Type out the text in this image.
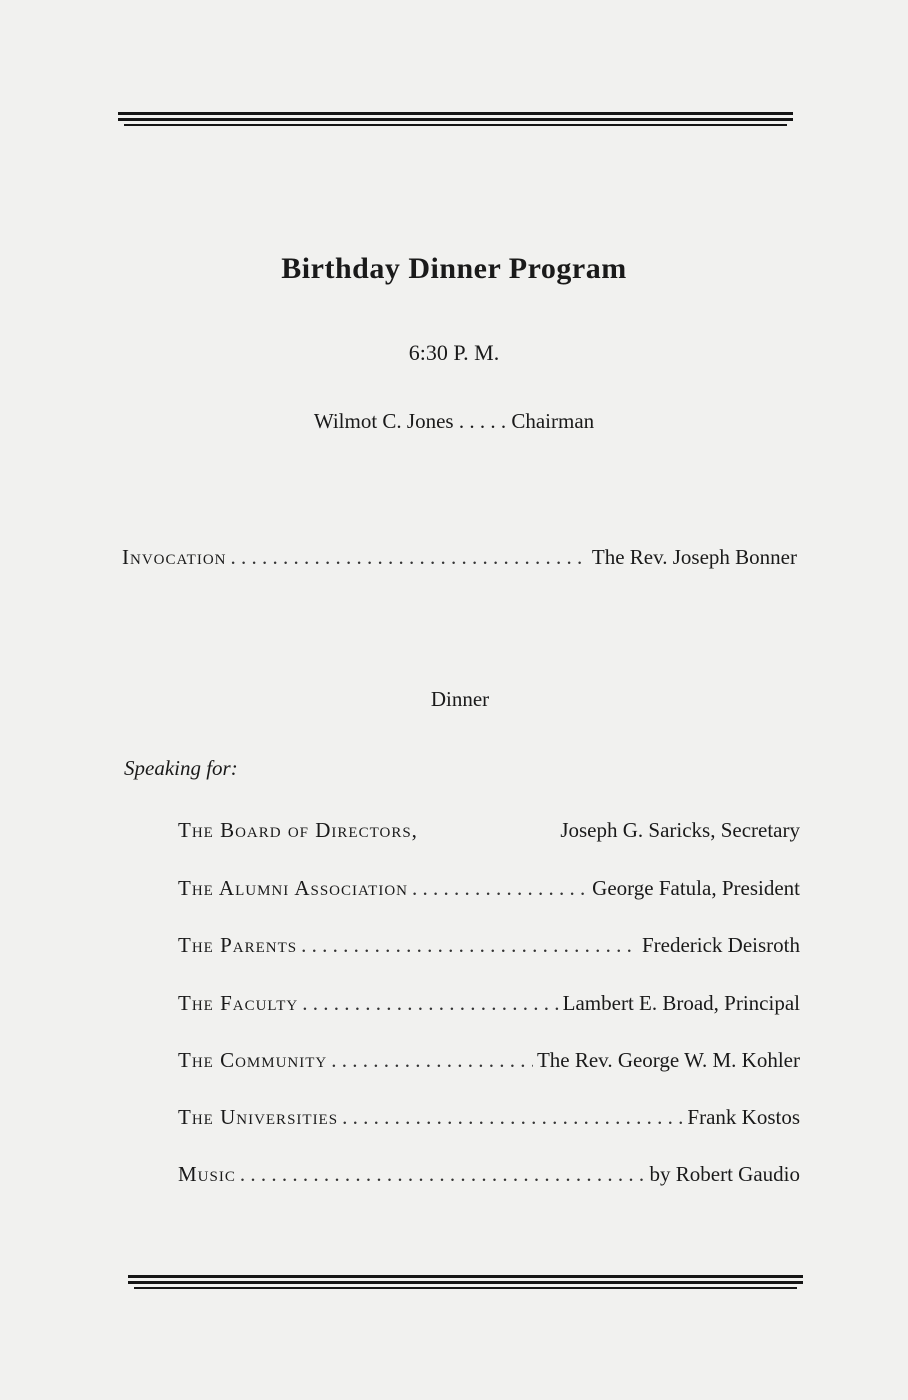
Birthday Dinner Program
6:30 P. M.
Wilmot C. Jones . . . . . Chairman
Invocation . . .	The Rev. Joseph Bonner
Dinner
Speaking for:
The Board of Directors ,	Joseph G. Saricks, Secretary
The Alumni Association . . .	George Fatula, President
The Parents . . .	Frederick Deisroth
The Faculty . . .	Lambert E. Broad, Principal
The Community . . .	The Rev. George W. M. Kohler
The Universities . . .	Frank Kostos
Music . . .	by Robert Gaudio
